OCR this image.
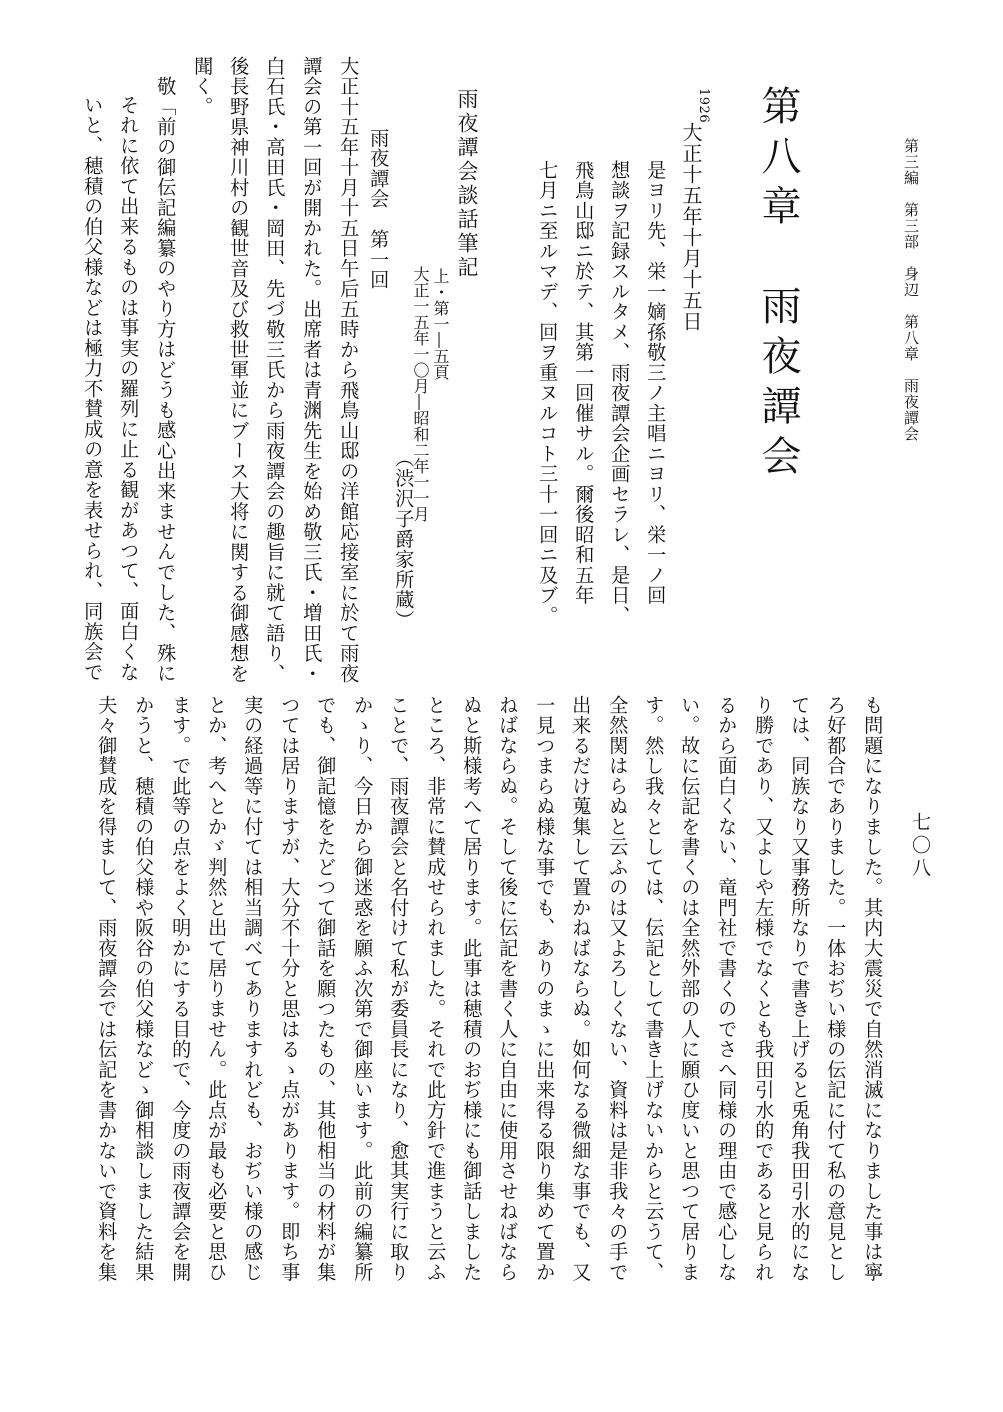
第三編　第三部　身辺　第八章　雨夜譚会
七〇八
第八章　雨夜譚会
1926
大正十五年十月十五日
是ヨリ先、栄一嫡孫敬三ノ主唱ニヨリ、栄一ノ回
想談ヲ記録スルタメ、雨夜譚会企画セラレ、是日、
飛鳥山邸ニ於テ、其第一回催サル。爾後昭和五年
七月ニ至ルマデ、回ヲ重ヌルコト三十一回ニ及ブ。
雨夜譚会談話筆記
上・第一―五頁
大正一五年一〇月―昭和二年一一月
（渋沢子爵家所蔵）
雨夜譚会　第一回
大正十五年十月十五日午后五時から飛鳥山邸の洋館応接室に於て雨夜
譚会の第一回が開かれた。出席者は青渊先生を始め敬三氏・増田氏・
白石氏・高田氏・岡田、先づ敬三氏から雨夜譚会の趣旨に就て語り、
後長野県神川村の観世音及び救世軍並にブース大将に関する御感想を
聞く。
敬「前の御伝記編纂のやり方はどうも感心出来ませんでした、殊に
それに依て出来るものは事実の羅列に止る観があつて、面白くな
いと、穂積の伯父様などは極力不賛成の意を表せられ、同族会で
も問題になりました。其内大震災で自然消滅になりました事は寧
ろ好都合でありました。一体おぢい様の伝記に付て私の意見とし
ては、同族なり又事務所なりで書き上げると兎角我田引水的にな
り勝であり、又よしや左様でなくとも我田引水的であると見られ
るから面白くない、竜門社で書くのでさへ同様の理由で感心しな
い。故に伝記を書くのは全然外部の人に願ひ度いと思つて居りま
す。然し我々としては、伝記として書き上げないからと云うて、
全然関はらぬと云ふのは又よろしくない、資料は是非我々の手で
出来るだけ蒐集して置かねばならぬ。如何なる微細な事でも、又
一見つまらぬ様な事でも、ありのまゝに出来得る限り集めて置か
ねばならぬ。そして後に伝記を書く人に自由に使用させねばなら
ぬと斯様考へて居ります。此事は穂積のおぢ様にも御話しました
ところ、非常に賛成せられました。それで此方針で進まうと云ふ
ことで、雨夜譚会と名付けて私が委員長になり、愈其実行に取り
かゝり、今日から御迷惑を願ふ次第で御座います。此前の編纂所
でも、御記憶をたどつて御話を願つたもの、其他相当の材料が集
つては居りますが、大分不十分と思はるゝ点があります。即ち事
実の経過等に付ては相当調べてありますれども、おぢい様の感じ
とか、考へとかゞ判然と出て居りません。此点が最も必要と思ひ
ます。で此等の点をよく明かにする目的で、今度の雨夜譚会を開
かうと、穂積の伯父様や阪谷の伯父様などゝ御相談しました結果
夫々御賛成を得まして、雨夜譚会では伝記を書かないで資料を集
